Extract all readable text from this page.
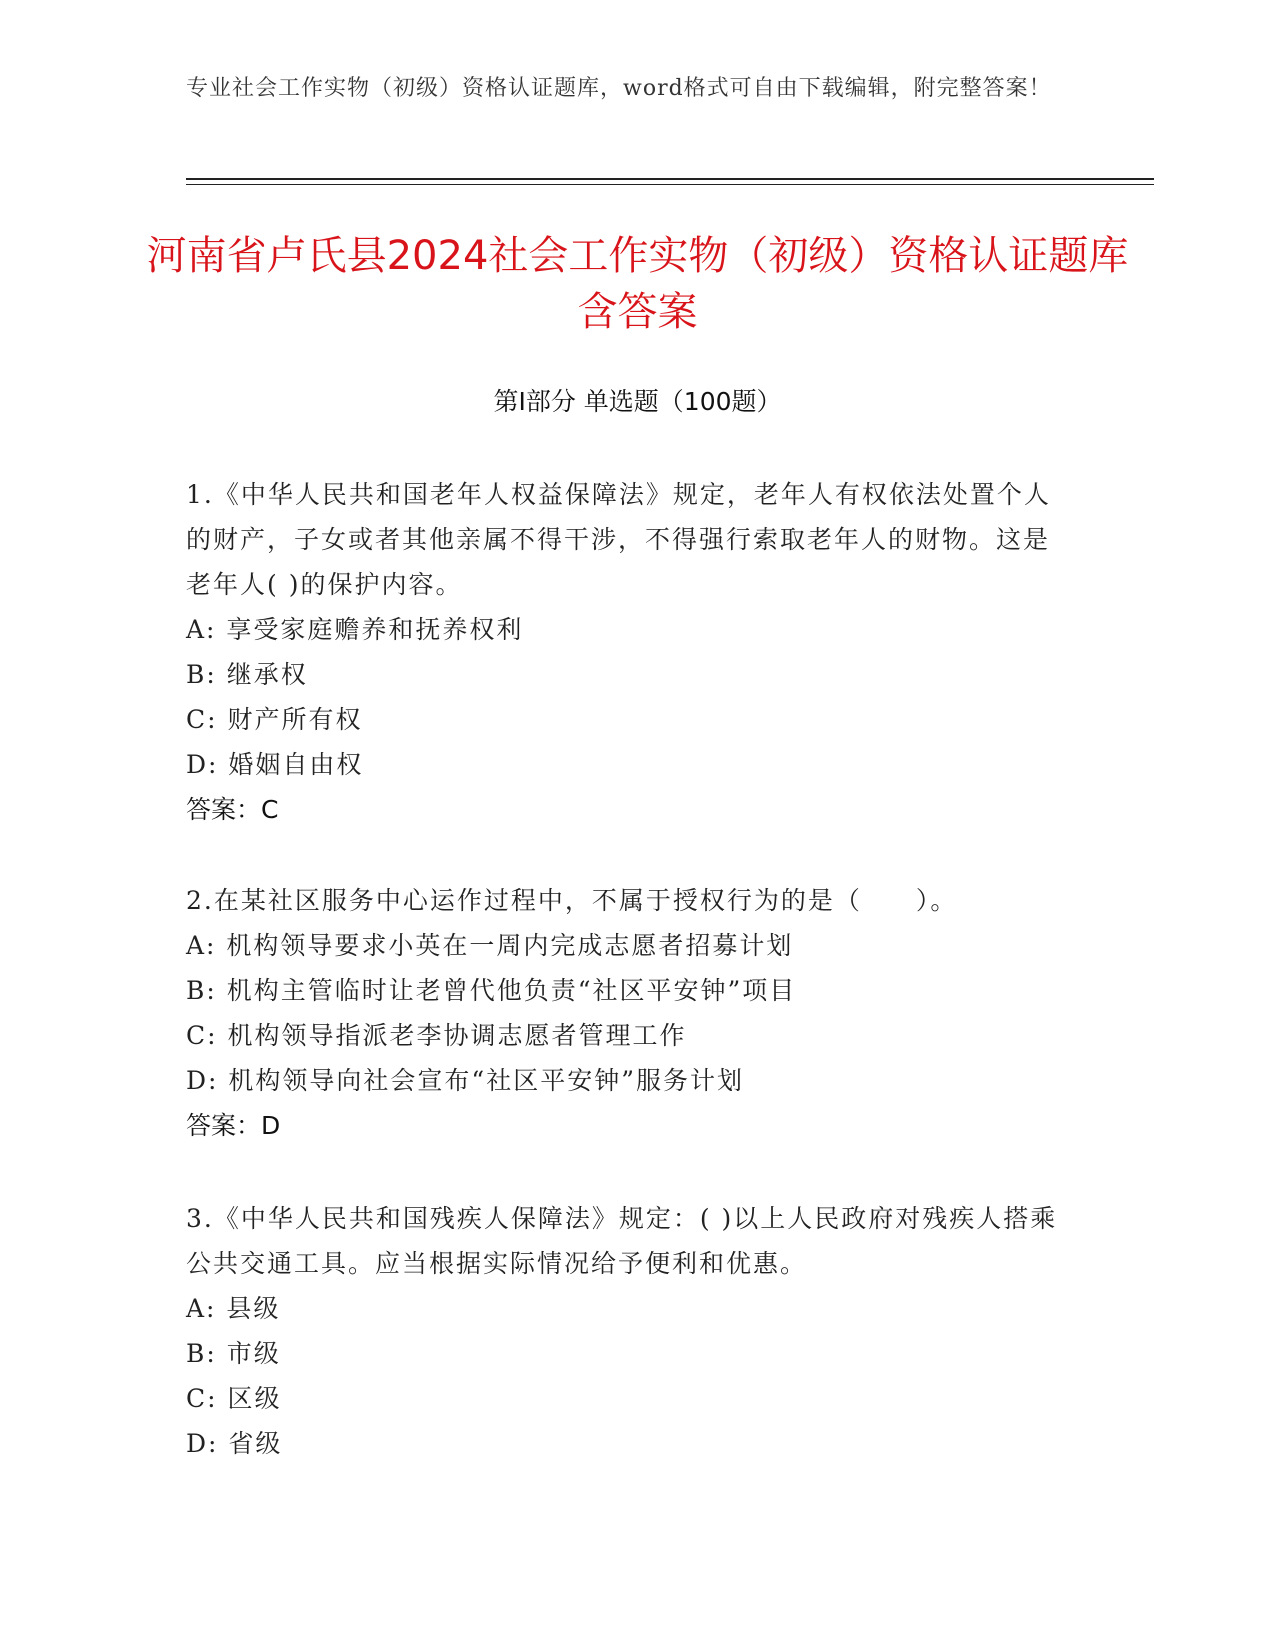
专业社会工作实物（初级）资格认证题库，word格式可自由下载编辑，附完整答案！
河南省卢氏县2024社会工作实物（初级）资格认证题库含答案
第I部分 单选题（100题）

1.《中华人民共和国老年人权益保障法》规定，老年人有权依法处置个人的财产，子女或者其他亲属不得干涉，不得强行索取老年人的财物。这是老年人( )的保护内容。

A: 享受家庭赡养和抚养权利

B: 继承权

C: 财产所有权

D: 婚姻自由权

答案：C

2.在某社区服务中心运作过程中，不属于授权行为的是（　　）。

A: 机构领导要求小英在一周内完成志愿者招募计划

B: 机构主管临时让老曾代他负责“社区平安钟”项目

C: 机构领导指派老李协调志愿者管理工作

D: 机构领导向社会宣布“社区平安钟”服务计划

答案：D

3.《中华人民共和国残疾人保障法》规定：( )以上人民政府对残疾人搭乘公共交通工具。应当根据实际情况给予便利和优惠。

A: 县级

B: 市级

C: 区级

D: 省级
